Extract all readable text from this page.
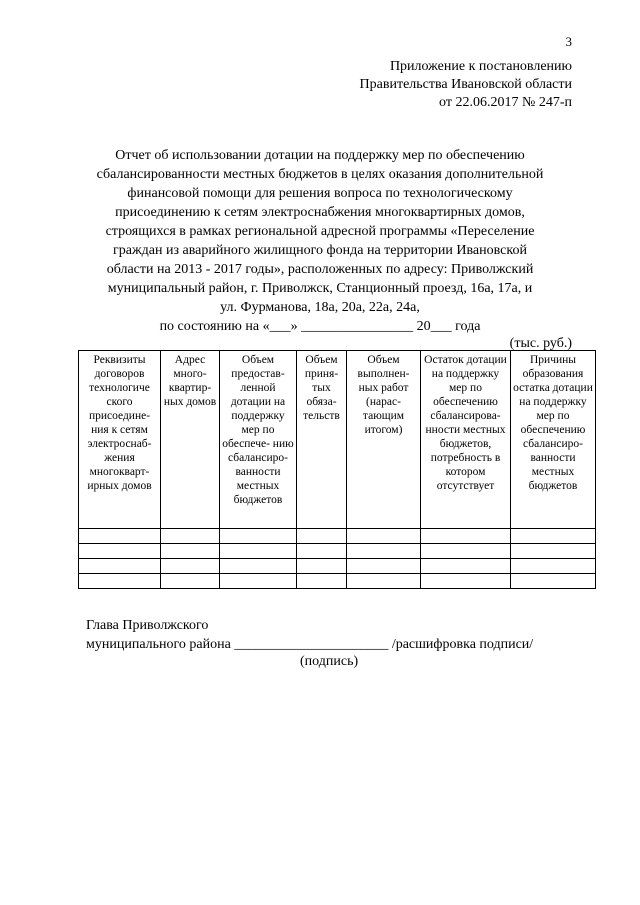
3
Приложение к постановлению
Правительства Ивановской области
от 22.06.2017 № 247-п
Отчет об использовании дотации на поддержку мер по обеспечению
сбалансированности местных бюджетов в целях оказания дополнительной
финансовой помощи для решения вопроса по технологическому
присоединению к сетям электроснабжения многоквартирных домов,
строящихся в рамках региональной адресной программы «Переселение
граждан из аварийного жилищного фонда на территории Ивановской
области на 2013 - 2017 годы», расположенных по адресу: Приволжский
муниципальный район, г. Приволжск, Станционный проезд, 16а, 17а, и
ул. Фурманова, 18а, 20а, 22а, 24а,
по состоянию на «___» ________________ 20___ года
(тыс. руб.)
Реквизиты договоров технологиче ского присоедине- ния к сетям электроснаб- жения многокварт- ирных домов	Адрес много- квартир- ных домов	Объем предостав- ленной дотации на поддержку мер по обеспече- нию сбалансиро- ванности местных бюджетов	Объем приня- тых обяза- тельств	Объем выполнен- ных работ (нарас- тающим итогом)	Остаток дотации на поддержку мер по обеспечению сбалансирова- нности местных бюджетов, потребность в котором отсутствует	Причины образования остатка дотации на поддержку мер по обеспечению сбалансиро- ванности местных бюджетов

Глава Приволжского
муниципального района ______________________ /расшифровка подписи/
(подпись)
